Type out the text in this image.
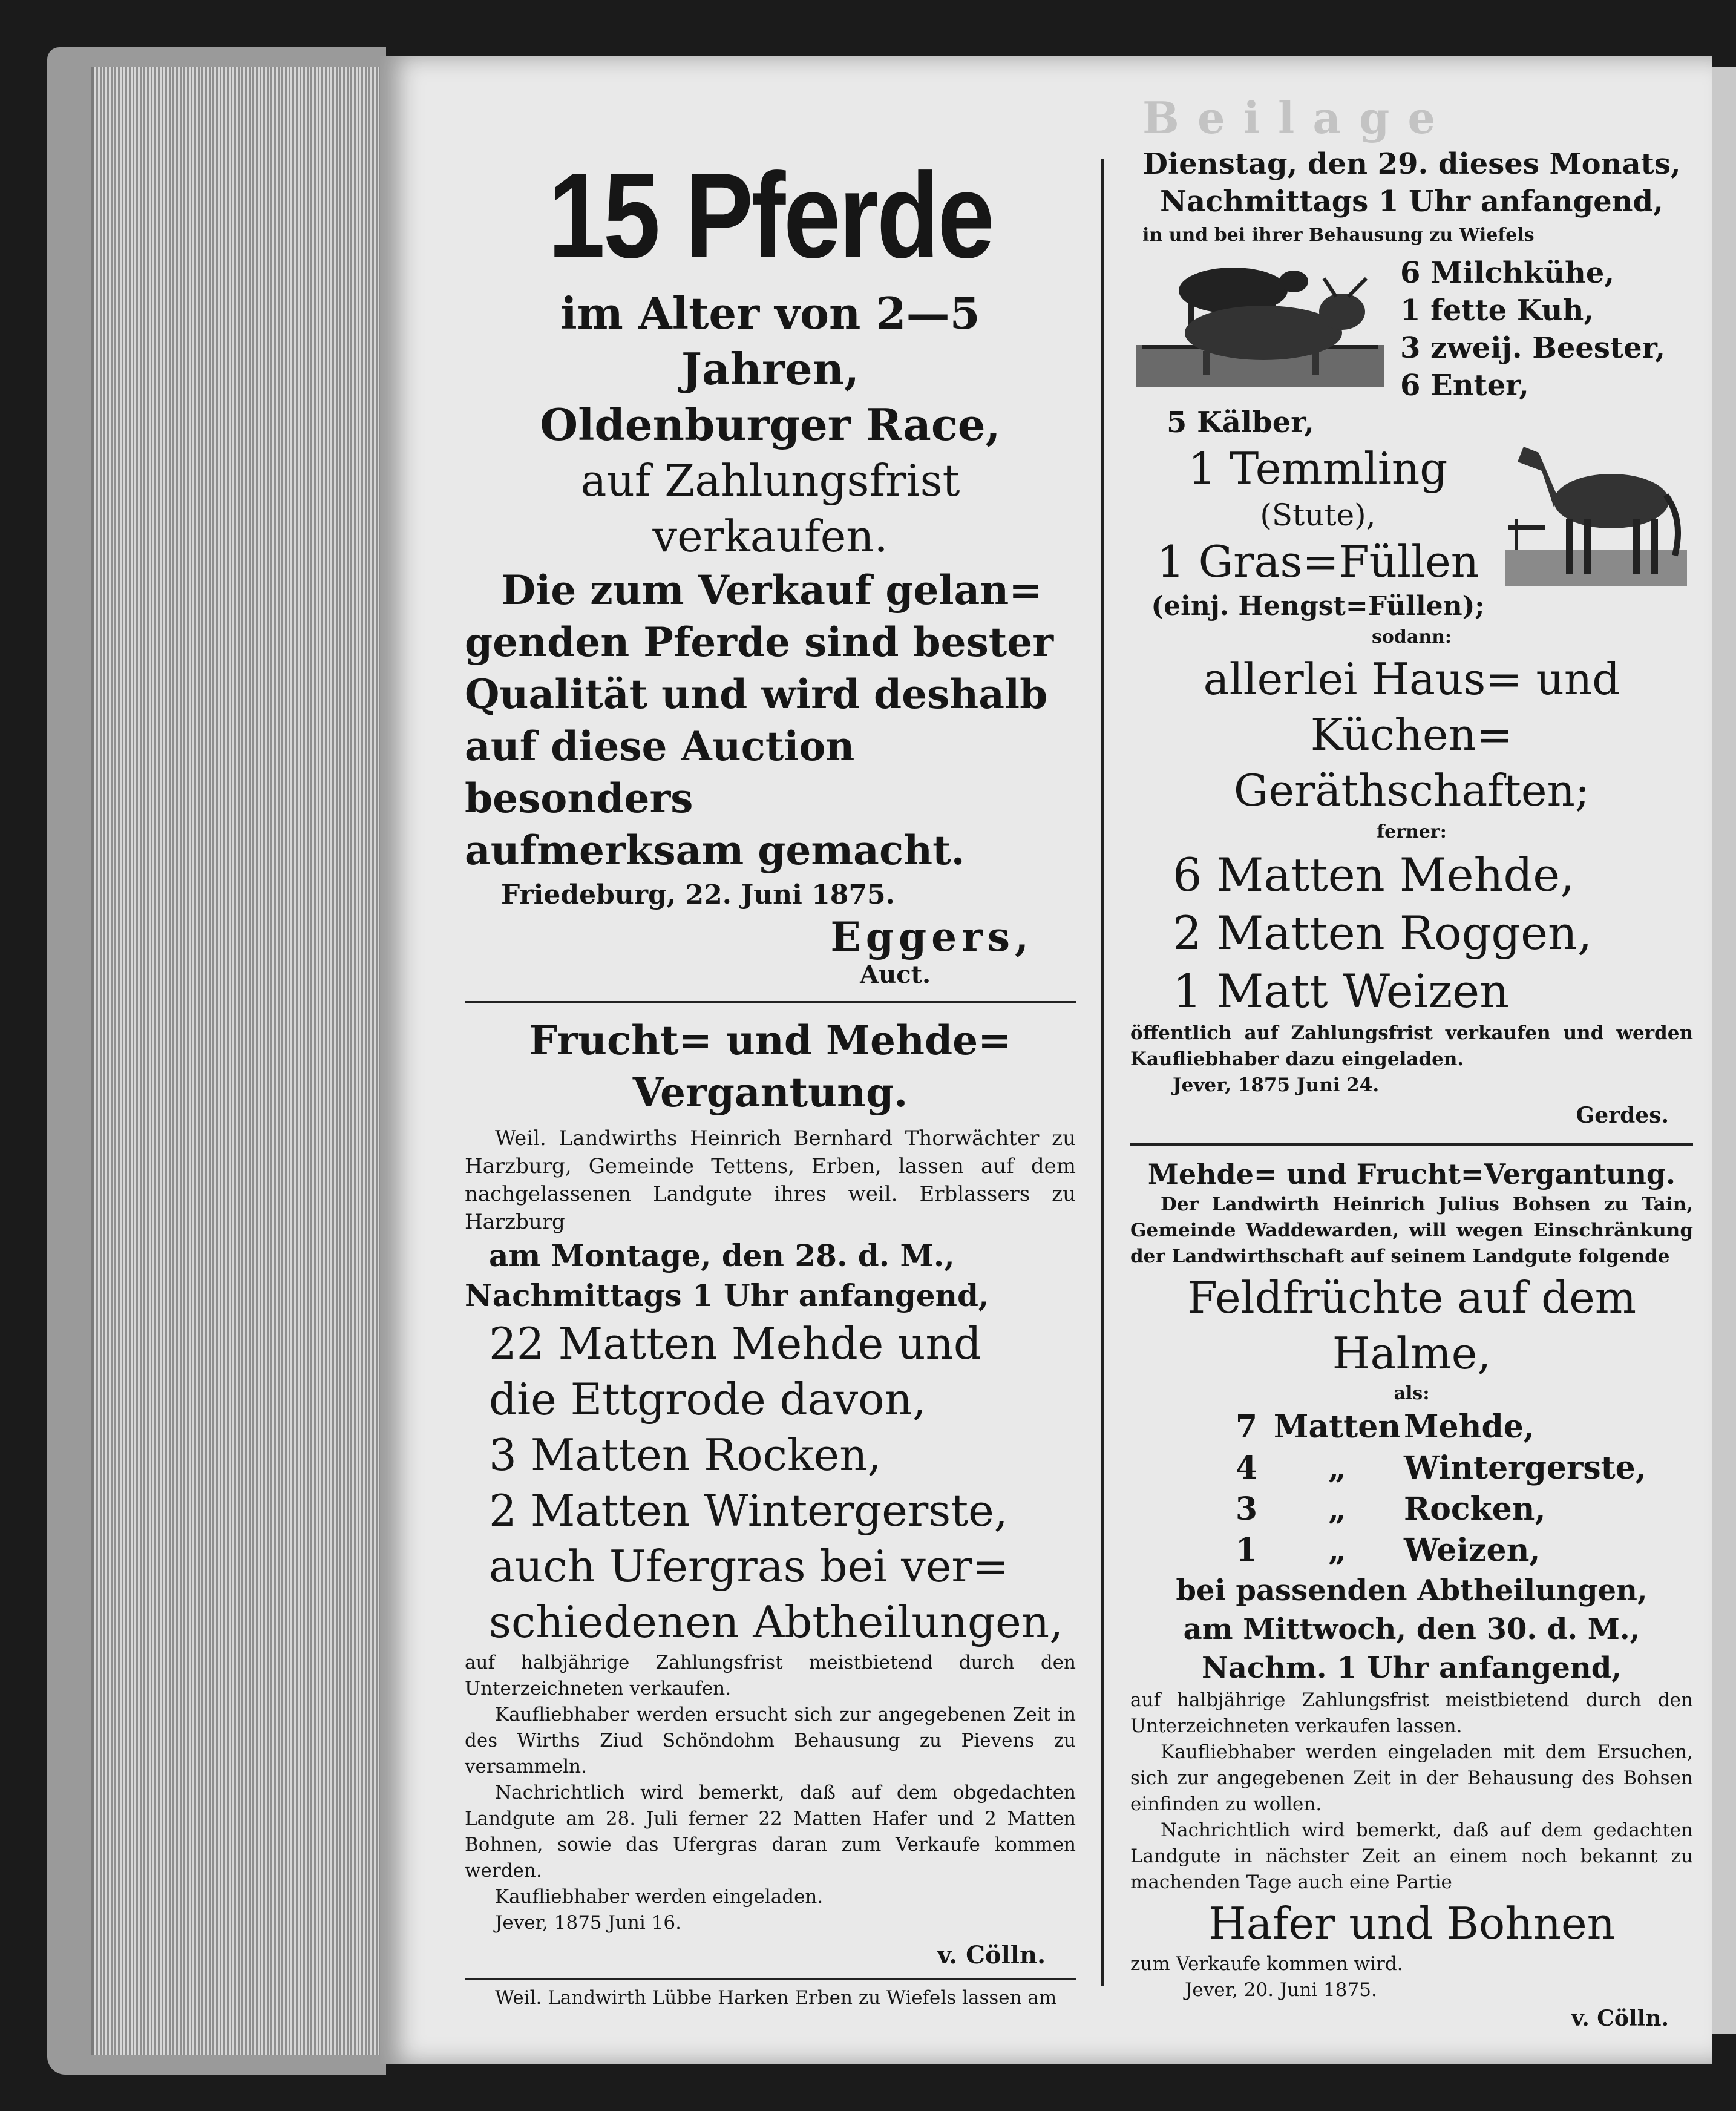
Beilage

15 Pferde

im Alter von 2—5 Jahren,

Oldenburger Race,

auf Zahlungsfrist verkaufen.

Die zum Verkauf gelan=

genden Pferde sind bester

Qualität und wird deshalb

auf diese Auction besonders

aufmerksam gemacht.

Friedeburg, 22. Juni 1875.

Eggers,

Auct.

Frucht= und Mehde=

Vergantung.

Weil. Landwirths Heinrich Bernhard Thorwächter zu Harzburg, Gemeinde Tettens, Erben, lassen auf dem nachgelassenen Landgute ihres weil. Erblassers zu Harzburg

am Montage, den 28. d. M.,

Nachmittags 1 Uhr anfangend,

22 Matten Mehde und

die Ettgrode davon,

3 Matten Rocken,

2 Matten Wintergerste,

auch Ufergras bei ver=

schiedenen Abtheilungen,

auf halbjährige Zahlungsfrist meistbietend durch den Unterzeichneten verkaufen.

Kaufliebhaber werden ersucht sich zur angegebenen Zeit in des Wirths Ziud Schöndohm Behausung zu Pievens zu versammeln.

Nachrichtlich wird bemerkt, daß auf dem obgedachten Landgute am 28. Juli ferner 22 Matten Hafer und 2 Matten Bohnen, sowie das Ufergras daran zum Verkaufe kommen werden.

Kaufliebhaber werden eingeladen.

Jever, 1875 Juni 16.

v. Cölln.

Weil. Landwirth Lübbe Harken Erben zu Wiefels lassen am

Dienstag, den 29. dieses Monats,

Nachmittags 1 Uhr anfangend,

in und bei ihrer Behausung zu Wiefels

6 Milchkühe,

1 fette Kuh,

3 zweij. Beester,

6 Enter,

5 Kälber,

1 Temmling

(Stute),

1 Gras=Füllen

(einj. Hengst=Füllen);

sodann:

allerlei Haus= und Küchen=

Geräthschaften;

ferner:

6 Matten Mehde,

2 Matten Roggen,

1 Matt Weizen

öffentlich auf Zahlungsfrist verkaufen und werden Kaufliebhaber dazu eingeladen.

Jever, 1875 Juni 24.

Gerdes.

Mehde= und Frucht=Vergantung.

Der Landwirth Heinrich Julius Bohsen zu Tain, Gemeinde Waddewarden, will wegen Einschränkung der Landwirthschaft auf seinem Landgute folgende

Feldfrüchte auf dem Halme,

als:

7 Matten Mehde,
4	„	Wintergerste,
3	„	Rocken,
1	„	Weizen,

bei passenden Abtheilungen,

am Mittwoch, den 30. d. M.,

Nachm. 1 Uhr anfangend,

auf halbjährige Zahlungsfrist meistbietend durch den Unterzeichneten verkaufen lassen.

Kaufliebhaber werden eingeladen mit dem Ersuchen, sich zur angegebenen Zeit in der Behausung des Bohsen einfinden zu wollen.

Nachrichtlich wird bemerkt, daß auf dem gedachten Landgute in nächster Zeit an einem noch bekannt zu machenden Tage auch eine Partie

Hafer und Bohnen

zum Verkaufe kommen wird.

Jever, 20. Juni 1875.

v. Cölln.
